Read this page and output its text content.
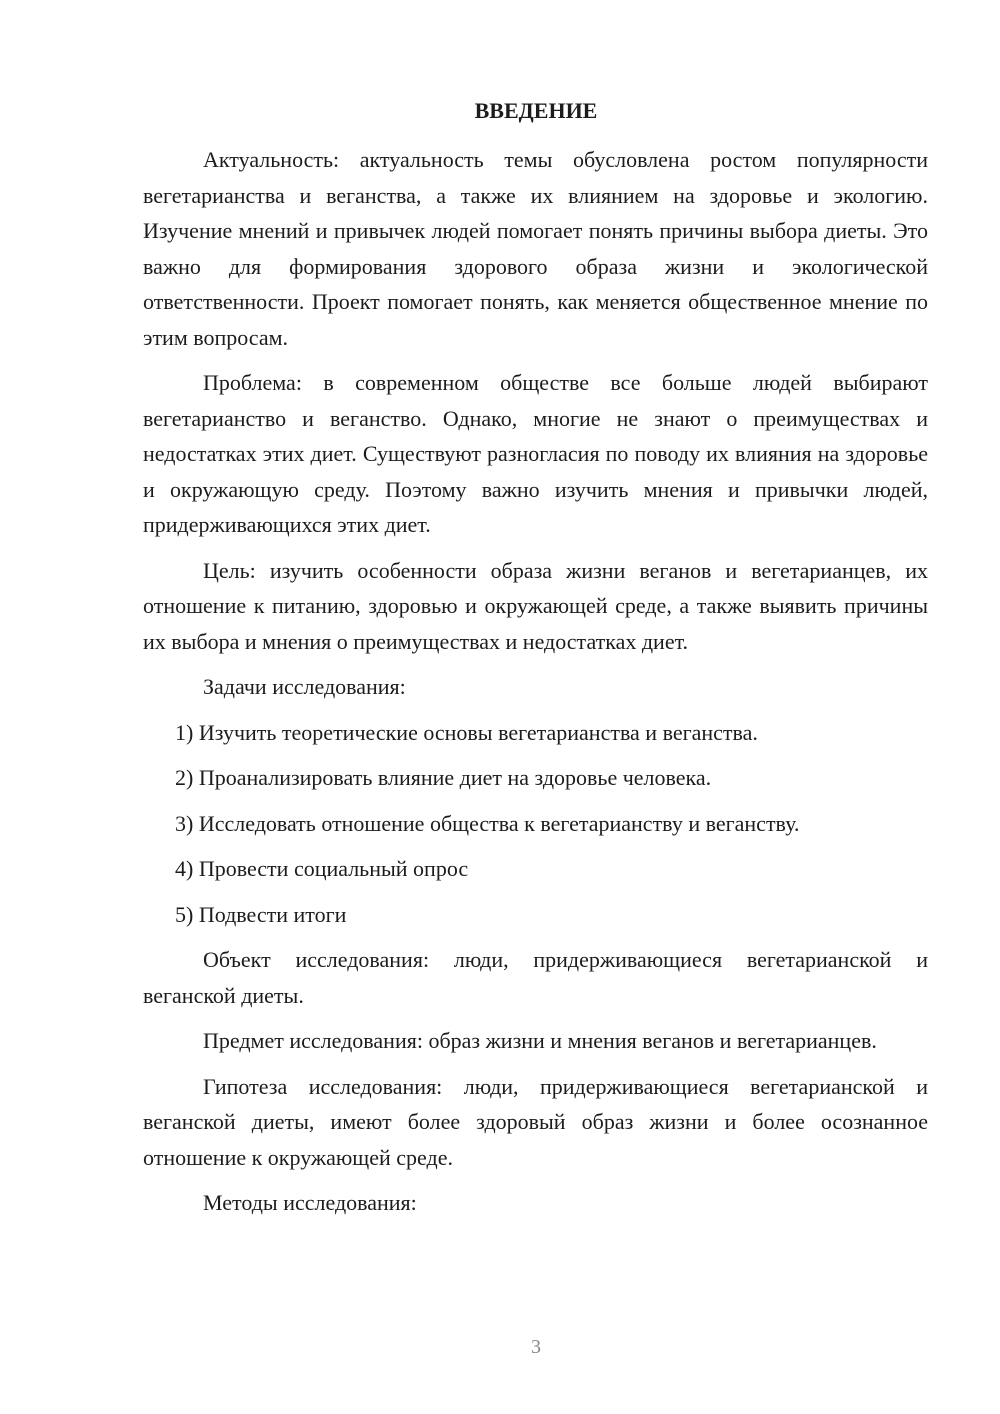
ВВЕДЕНИЕ

Актуальность: актуальность темы обусловлена ростом популярности вегетарианства и веганства, а также их влиянием на здоровье и экологию. Изучение мнений и привычек людей помогает понять причины выбора диеты. Это важно для формирования здорового образа жизни и экологической ответственности. Проект помогает понять, как меняется общественное мнение по этим вопросам.

Проблема: в современном обществе все больше людей выбирают вегетарианство и веганство. Однако, многие не знают о преимуществах и недостатках этих диет. Существуют разногласия по поводу их влияния на здоровье и окружающую среду. Поэтому важно изучить мнения и привычки людей, придерживающихся этих диет.

Цель: изучить особенности образа жизни веганов и вегетарианцев, их отношение к питанию, здоровью и окружающей среде, а также выявить причины их выбора и мнения о преимуществах и недостатках диет.

Задачи исследования:

1) Изучить теоретические основы вегетарианства и веганства.
2) Проанализировать влияние диет на здоровье человека.
3) Исследовать отношение общества к вегетарианству и веганству.
4) Провести социальный опрос
5) Подвести итоги

Объект исследования: люди, придерживающиеся вегетарианской и веганской диеты.

Предмет исследования: образ жизни и мнения веганов и вегетарианцев.

Гипотеза исследования: люди, придерживающиеся вегетарианской и веганской диеты, имеют более здоровый образ жизни и более осознанное отношение к окружающей среде.

Методы исследования:

3
